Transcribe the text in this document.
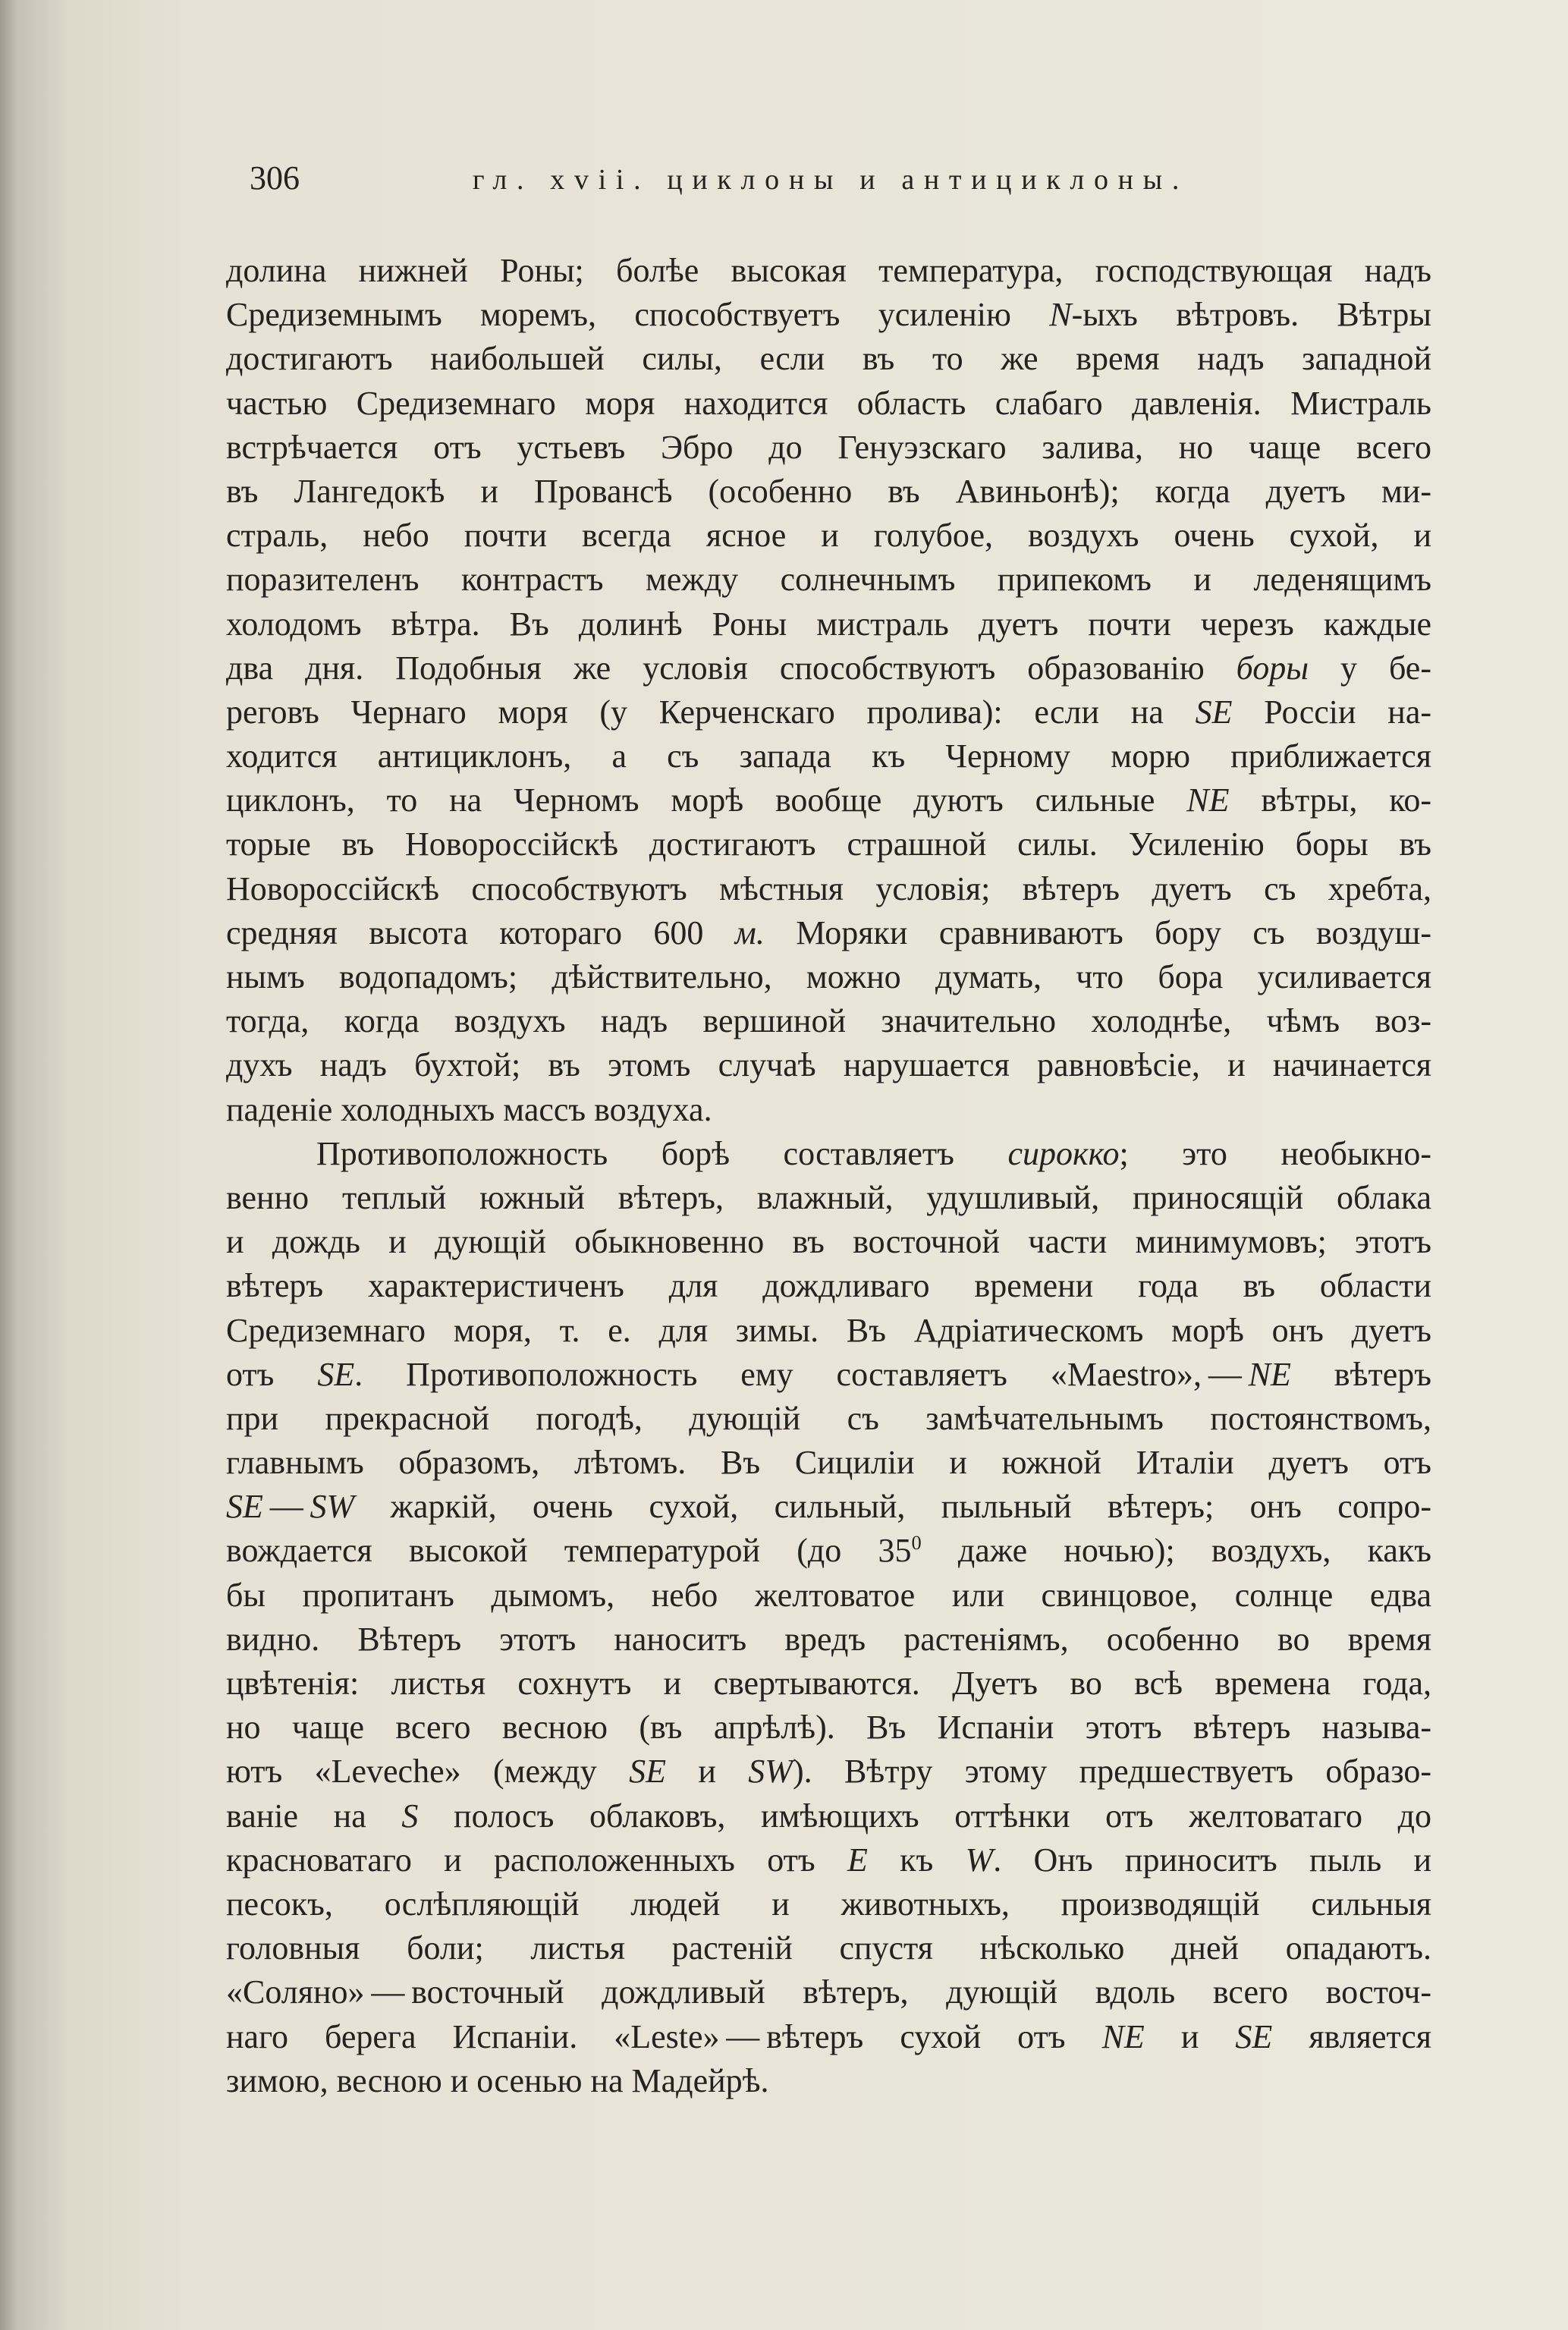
306	гл. xvii. циклоны и антициклоны.
долина нижней Роны; болѣе высокая температура, господствующая надъ
Средиземнымъ моремъ, способствуетъ усиленію N-ыхъ вѣтровъ. Вѣтры
достигаютъ наибольшей силы, если въ то же время надъ западной
частью Средиземнаго моря находится область слабаго давленія. Мистраль
встрѣчается отъ устьевъ Эбро до Генуэзскаго залива, но чаще всего
въ Лангедокѣ и Провансѣ (особенно въ Авиньонѣ); когда дуетъ ми-
страль, небо почти всегда ясное и голубое, воздухъ очень сухой, и
поразителенъ контрастъ между солнечнымъ припекомъ и леденящимъ
холодомъ вѣтра. Въ долинѣ Роны мистраль дуетъ почти черезъ каждые
два дня. Подобныя же условія способствуютъ образованію боры у бе-
реговъ Чернаго моря (у Керченскаго пролива): если на SE Россіи на-
ходится антициклонъ, а съ запада къ Черному морю приближается
циклонъ, то на Черномъ морѣ вообще дуютъ сильные NE вѣтры, ко-
торые въ Новороссійскѣ достигаютъ страшной силы. Усиленію боры въ
Новороссійскѣ способствуютъ мѣстныя условія; вѣтеръ дуетъ съ хребта,
средняя высота котораго 600 м. Моряки сравниваютъ бору съ воздуш-
нымъ водопадомъ; дѣйствительно, можно думать, что бора усиливается
тогда, когда воздухъ надъ вершиной значительно холоднѣе, чѣмъ воз-
духъ надъ бухтой; въ этомъ случаѣ нарушается равновѣсіе, и начинается
паденіе холодныхъ массъ воздуха.
Противоположность борѣ составляетъ сирокко; это необыкно-
венно теплый южный вѣтеръ, влажный, удушливый, приносящій облака
и дождь и дующій обыкновенно въ восточной части минимумовъ; этотъ
вѣтеръ характеристиченъ для дождливаго времени года въ области
Средиземнаго моря, т. е. для зимы. Въ Адріатическомъ морѣ онъ дуетъ
отъ SE. Противоположность ему составляетъ «Maestro», — NE вѣтеръ
при прекрасной погодѣ, дующій съ замѣчательнымъ постоянствомъ,
главнымъ образомъ, лѣтомъ. Въ Сициліи и южной Италіи дуетъ отъ
SE — SW жаркій, очень сухой, сильный, пыльный вѣтеръ; онъ сопро-
вождается высокой температурой (до $35^0$ даже ночью); воздухъ, какъ
бы пропитанъ дымомъ, небо желтоватое или свинцовое, солнце едва
видно. Вѣтеръ этотъ наноситъ вредъ растеніямъ, особенно во время
цвѣтенія: листья сохнутъ и свертываются. Дуетъ во всѣ времена года,
но чаще всего весною (въ апрѣлѣ). Въ Испаніи этотъ вѣтеръ называ-
ютъ «Leveche» (между SE и SW). Вѣтру этому предшествуетъ образо-
ваніе на S полосъ облаковъ, имѣющихъ оттѣнки отъ желтоватаго до
красноватаго и расположенныхъ отъ E къ W. Онъ приноситъ пыль и
песокъ, ослѣпляющій людей и животныхъ, производящій сильныя
головныя боли; листья растеній спустя нѣсколько дней опадаютъ.
«Соляно» — восточный дождливый вѣтеръ, дующій вдоль всего восточ-
наго берега Испаніи. «Leste» — вѣтеръ сухой отъ NE и SE является
зимою, весною и осенью на Мадейрѣ.
